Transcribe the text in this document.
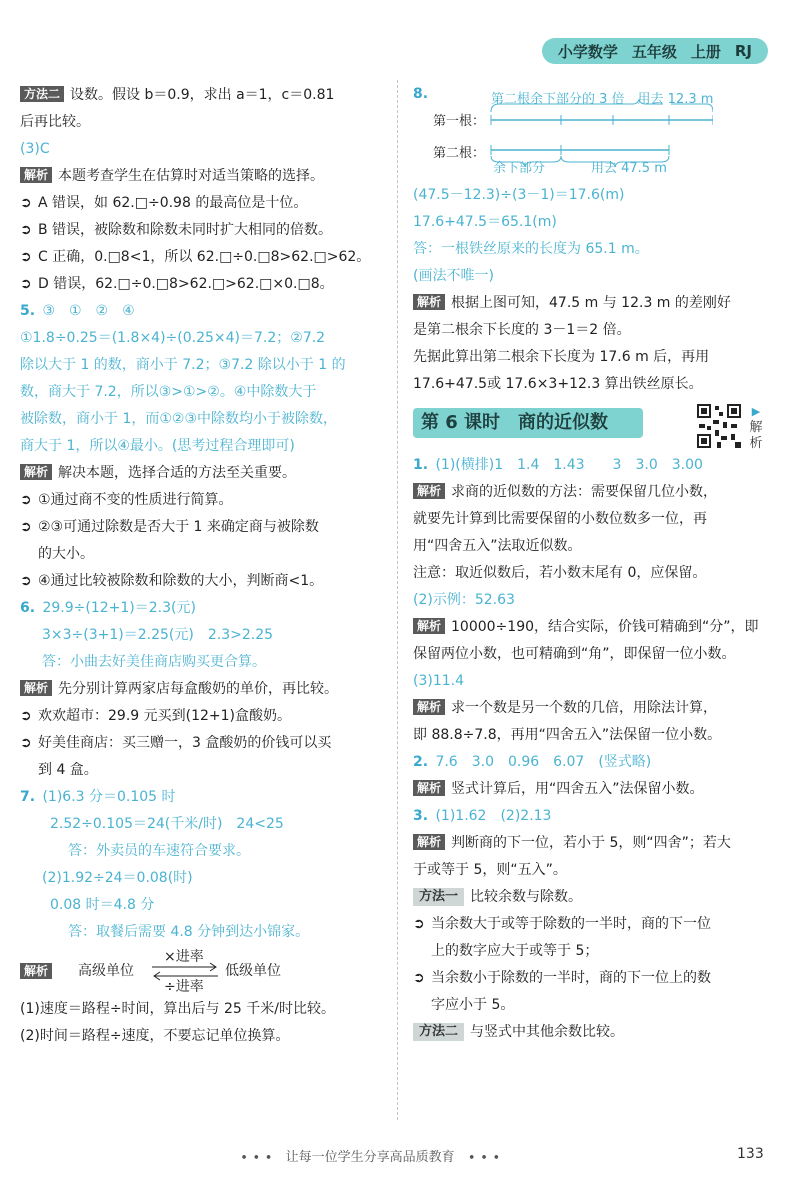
小学数学 五年级 上册 RJ
方法二 设数。假设 b＝0.9，求出 a＝1，c＝0.81
后再比较。
(3)C
解析 本题考查学生在估算时对适当策略的选择。
➲ A 错误，如 62.□÷0.98 的最高位是十位。
➲ B 错误，被除数和除数未同时扩大相同的倍数。
➲ C 正确，0.□8<1，所以 62.□÷0.□8>62.□>62。
➲ D 错误，62.□÷0.□8>62.□>62.□×0.□8。
5. ③　①　②　④
①1.8÷0.25＝(1.8×4)÷(0.25×4)＝7.2；②7.2
除以大于 1 的数，商小于 7.2；③7.2 除以小于 1 的
数，商大于 7.2，所以③>①>②。④中除数大于
被除数，商小于 1，而①②③中除数均小于被除数，
商大于 1，所以④最小。(思考过程合理即可)
解析 解决本题，选择合适的方法至关重要。
➲ ①通过商不变的性质进行简算。
➲ ②③可通过除数是否大于 1 来确定商与被除数
的大小。
➲ ④通过比较被除数和除数的大小，判断商<1。
6. 29.9÷(12+1)＝2.3(元)
3×3÷(3+1)＝2.25(元)　2.3>2.25
答：小曲去好美佳商店购买更合算。
解析 先分别计算两家店每盒酸奶的单价，再比较。
➲ 欢欢超市：29.9 元买到(12+1)盒酸奶。
➲ 好美佳商店：买三赠一，3 盒酸奶的价钱可以买
到 4 盒。
7. (1)6.3 分＝0.105 时
2.52÷0.105＝24(千米/时)　24<25
答：外卖员的车速符合要求。
(2)1.92÷24＝0.08(时)
0.08 时＝4.8 分
答：取餐后需要 4.8 分钟到达小锦家。
解析 高级单位
×进率
÷进率
低级单位
(1)速度＝路程÷时间，算出后与 25 千米/时比较。
(2)时间＝路程÷速度，不要忘记单位换算。
8.	第二根余下部分的 3 倍　用去 12.3 m
第一根：
第二根：
余下部分	用去 47.5 m
(47.5－12.3)÷(3－1)＝17.6(m)
17.6+47.5＝65.1(m)
答：一根铁丝原来的长度为 65.1 m。
(画法不唯一)
解析 根据上图可知，47.5 m 与 12.3 m 的差刚好
是第二根余下长度的 3－1＝2 倍。
先据此算出第二根余下长度为 17.6 m 后，再用
17.6+47.5或 17.6×3+12.3 算出铁丝原长。
第 6 课时　商的近似数
▶
解析
1. (1)(横排)1　1.4　1.43　　3　3.0　3.00
解析 求商的近似数的方法：需要保留几位小数，
就要先计算到比需要保留的小数位数多一位，再
用“四舍五入”法取近似数。
注意：取近似数后，若小数末尾有 0，应保留。
(2)示例：52.63
解析 10000÷190，结合实际，价钱可精确到“分”，即
保留两位小数，也可精确到“角”，即保留一位小数。
(3)11.4
解析 求一个数是另一个数的几倍，用除法计算，
即 88.8÷7.8，再用“四舍五入”法保留一位小数。
2. 7.6　3.0　0.96　6.07　(竖式略)
解析 竖式计算后，用“四舍五入”法保留小数。
3. (1)1.62　(2)2.13
解析 判断商的下一位，若小于 5，则“四舍”；若大
于或等于 5，则“五入”。
方法一 比较余数与除数。
➲ 当余数大于或等于除数的一半时，商的下一位
上的数字应大于或等于 5；
➲ 当余数小于除数的一半时，商的下一位上的数
字应小于 5。
方法二 与竖式中其他余数比较。
∙ ∙ ∙　让每一位学生分享高品质教育　∙ ∙ ∙	133
